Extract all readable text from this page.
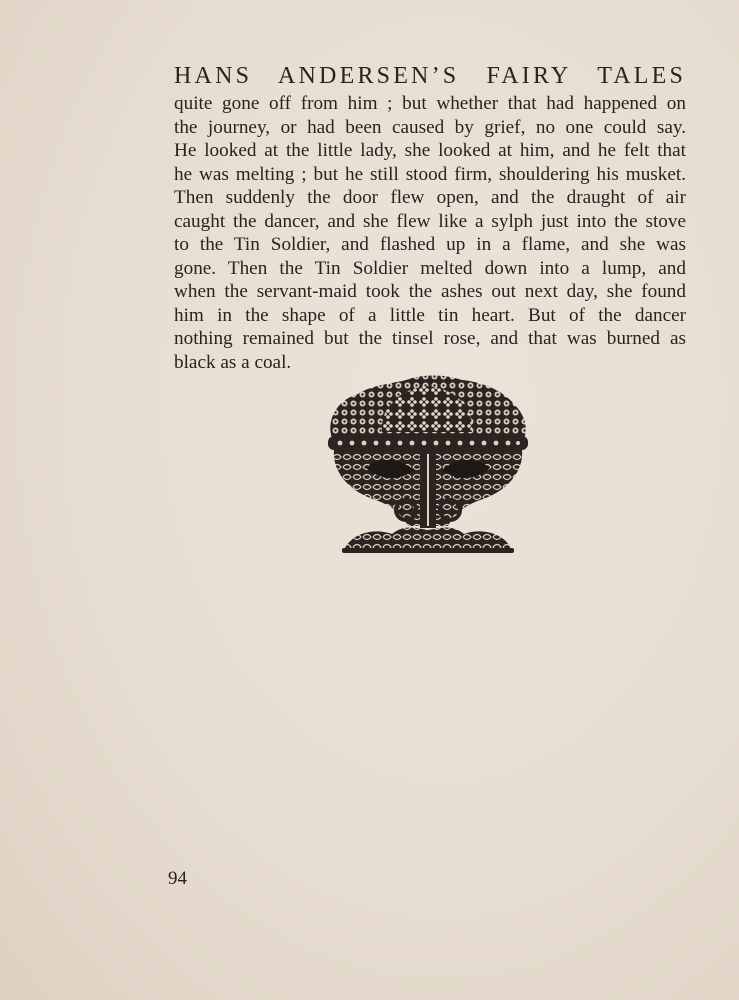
HANS ANDERSEN’S FAIRY TALES
quite gone off from him ; but whether that had happened on
the journey, or had been caused by grief, no one could say.
He looked at the little lady, she looked at him, and he felt that
he was melting ; but he still stood firm, shouldering his musket.
Then suddenly the door flew open, and the draught of air
caught the dancer, and she flew like a sylph just into the stove
to the Tin Soldier, and flashed up in a flame, and she was
gone. Then the Tin Soldier melted down into a lump, and
when the servant-maid took the ashes out next day, she found
him in the shape of a little tin heart. But of the dancer
nothing remained but the tinsel rose, and that was burned as
black as a coal.
94
